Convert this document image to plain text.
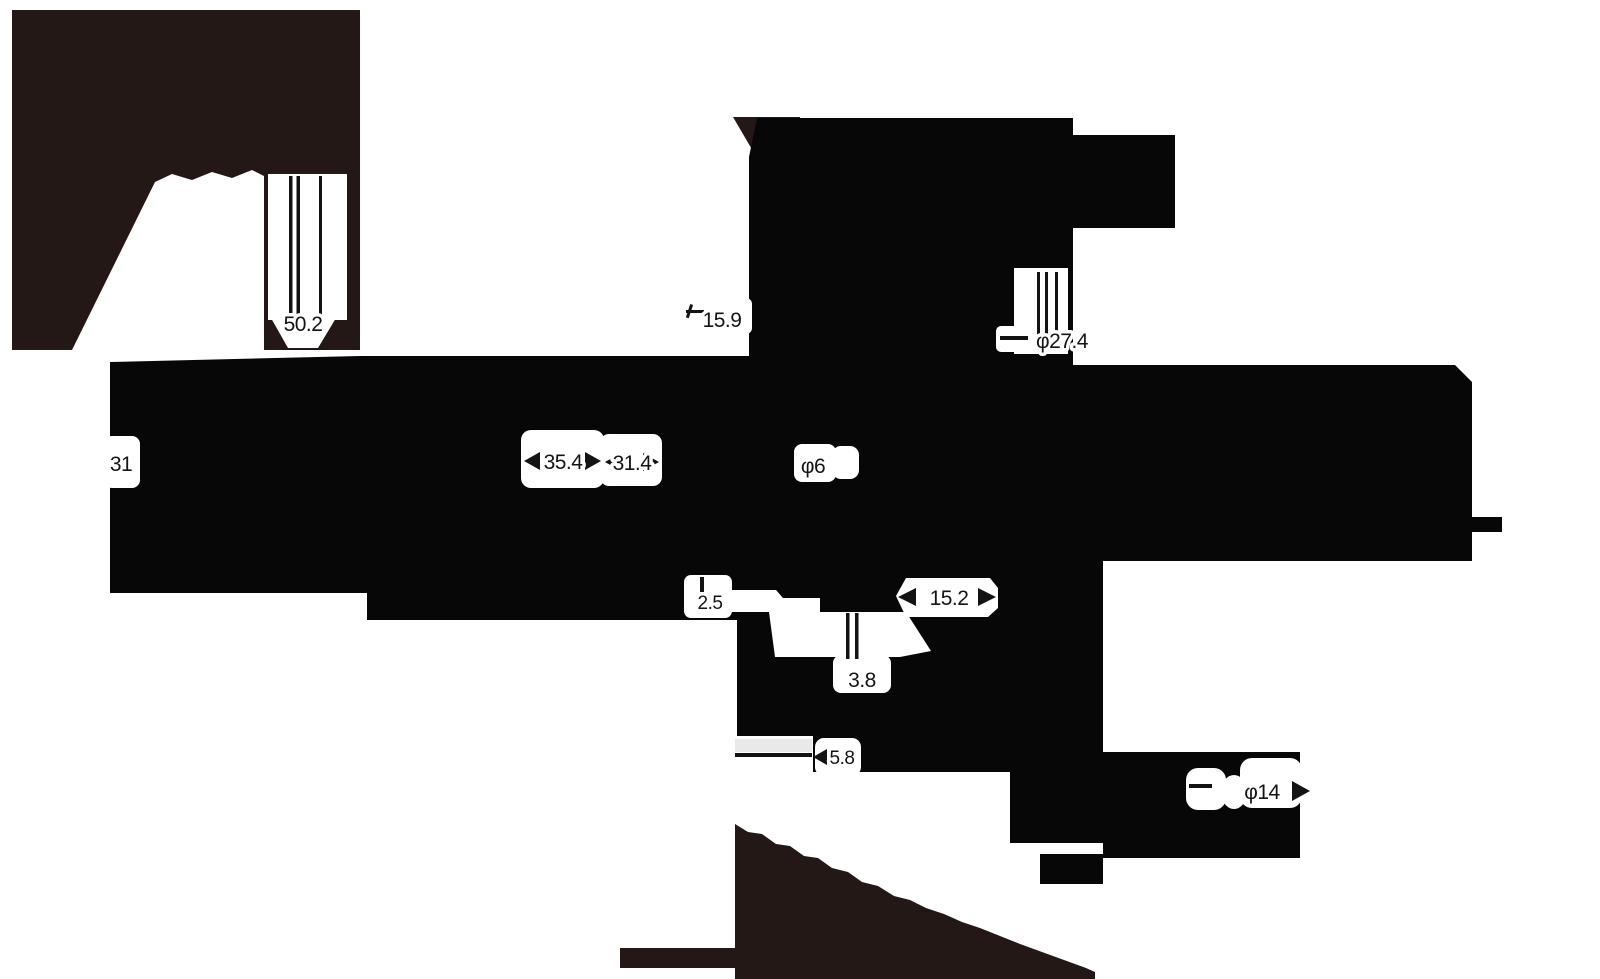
50.2	15.9
φ27.4
31	35.4 31.4	φ6
2.5	15.2
3.8
5.8
φ14
